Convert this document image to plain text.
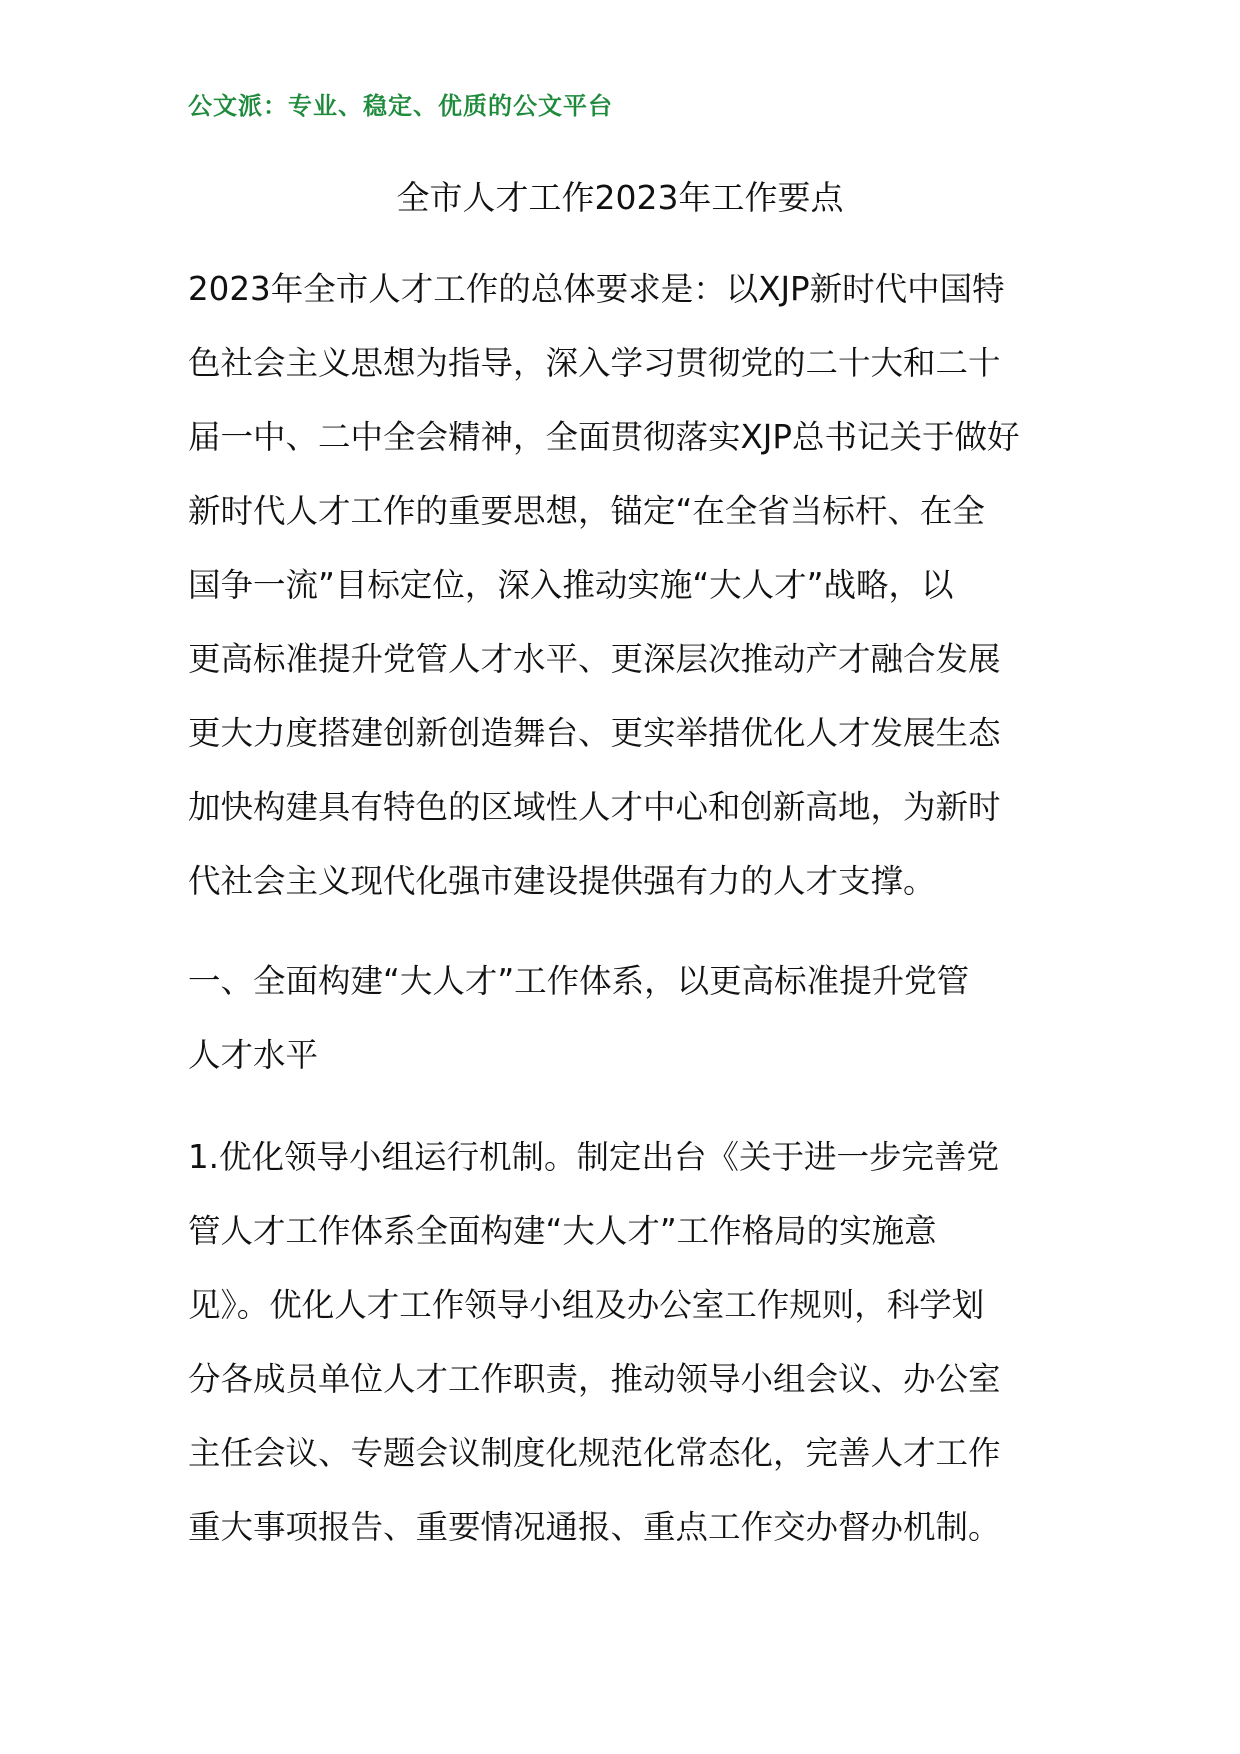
公文派：专业、稳定、优质的公文平台
全市人才工作2023年工作要点

2023年全市人才工作的总体要求是：以XJP新时代中国特
色社会主义思想为指导，深入学习贯彻党的二十大和二十
届一中、二中全会精神，全面贯彻落实XJP总书记关于做好
新时代人才工作的重要思想，锚定“在全省当标杆、在全
国争一流”目标定位，深入推动实施“大人才”战略，以
更高标准提升党管人才水平、更深层次推动产才融合发展
更大力度搭建创新创造舞台、更实举措优化人才发展生态
加快构建具有特色的区域性人才中心和创新高地，为新时
代社会主义现代化强市建设提供强有力的人才支撑。

一、全面构建“大人才”工作体系，以更高标准提升党管
人才水平

1.优化领导小组运行机制。制定出台《关于进一步完善党
管人才工作体系全面构建“大人才”工作格局的实施意
见》。优化人才工作领导小组及办公室工作规则，科学划
分各成员单位人才工作职责，推动领导小组会议、办公室
主任会议、专题会议制度化规范化常态化，完善人才工作
重大事项报告、重要情况通报、重点工作交办督办机制。
